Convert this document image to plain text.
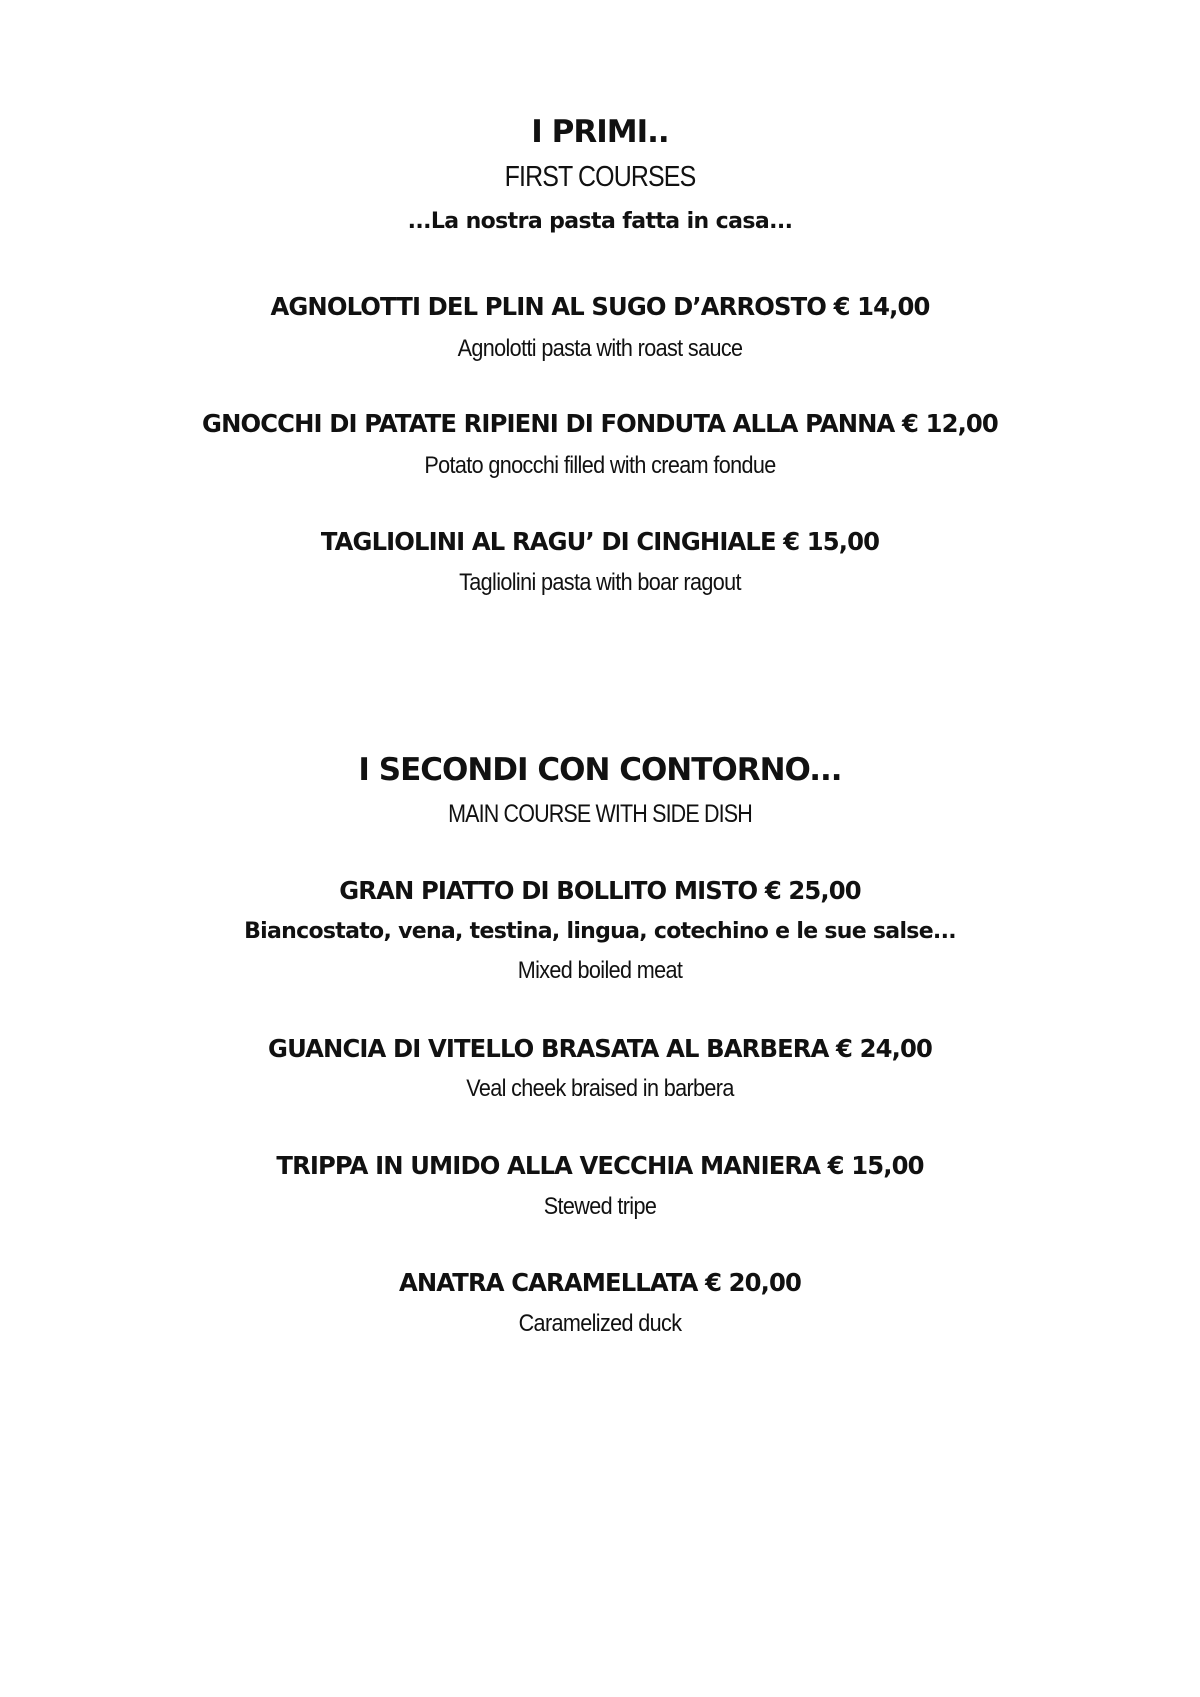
I PRIMI..
FIRST COURSES
...La nostra pasta fatta in casa...
AGNOLOTTI DEL PLIN AL SUGO D’ARROSTO € 14,00
Agnolotti pasta with roast sauce
GNOCCHI DI PATATE RIPIENI DI FONDUTA ALLA PANNA € 12,00
Potato gnocchi filled with cream fondue
TAGLIOLINI AL RAGU’ DI CINGHIALE € 15,00
Tagliolini pasta with boar ragout
I SECONDI CON CONTORNO...
MAIN COURSE WITH SIDE DISH
GRAN PIATTO DI BOLLITO MISTO € 25,00
Biancostato, vena, testina, lingua, cotechino e le sue salse...
Mixed boiled meat
GUANCIA DI VITELLO BRASATA AL BARBERA € 24,00
Veal cheek braised in barbera
TRIPPA IN UMIDO ALLA VECCHIA MANIERA € 15,00
Stewed tripe
ANATRA CARAMELLATA € 20,00
Caramelized duck
